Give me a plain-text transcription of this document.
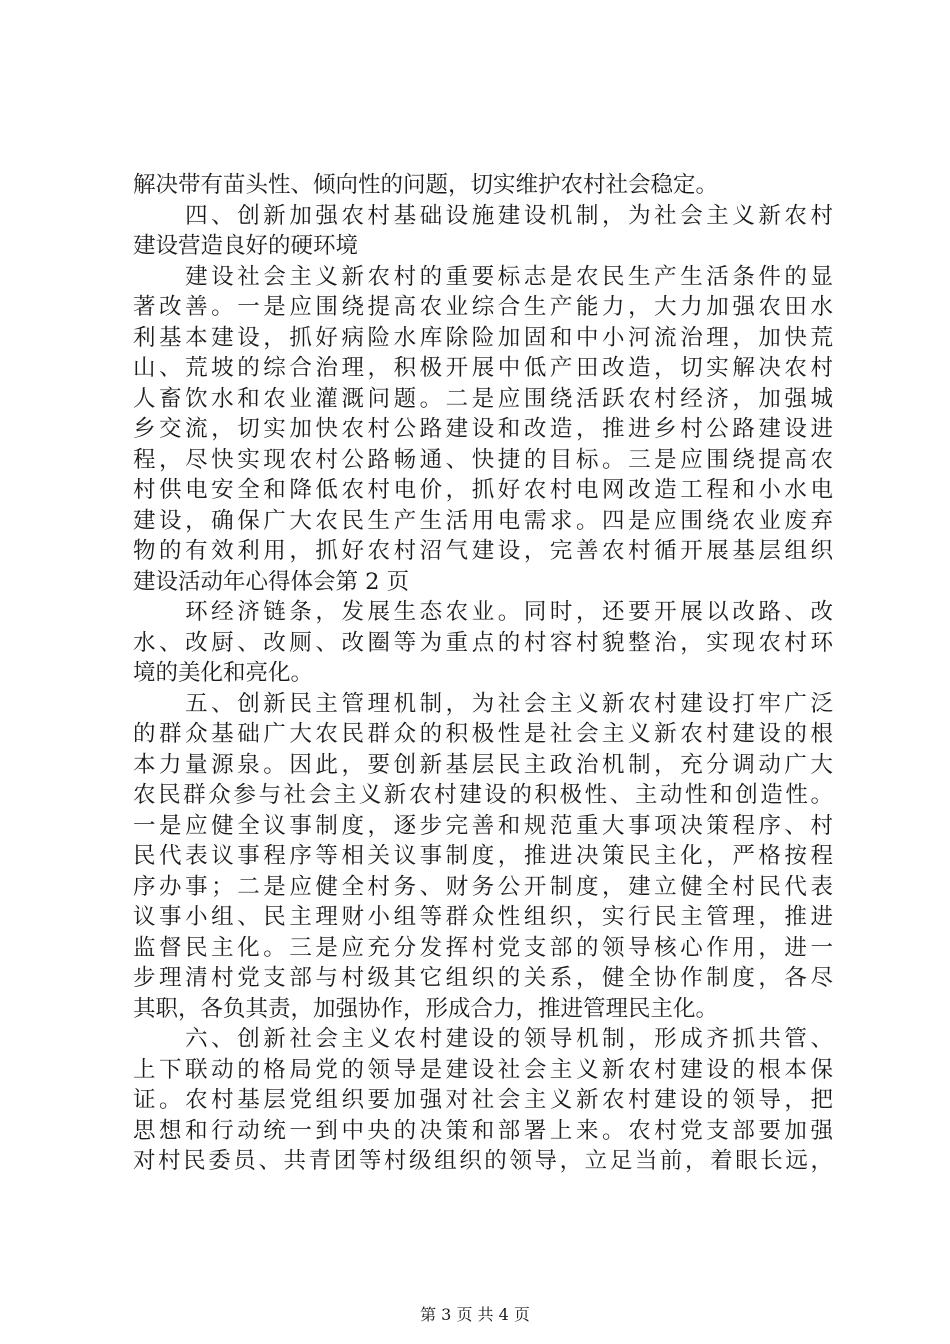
解决带有苗头性、倾向性的问题，切实维护农村社会稳定。
　　四、创新加强农村基础设施建设机制，为社会主义新农村
建设营造良好的硬环境
　　建设社会主义新农村的重要标志是农民生产生活条件的显
著改善。一是应围绕提高农业综合生产能力，大力加强农田水
利基本建设，抓好病险水库除险加固和中小河流治理，加快荒
山、荒坡的综合治理，积极开展中低产田改造，切实解决农村
人畜饮水和农业灌溉问题。二是应围绕活跃农村经济，加强城
乡交流，切实加快农村公路建设和改造，推进乡村公路建设进
程，尽快实现农村公路畅通、快捷的目标。三是应围绕提高农
村供电安全和降低农村电价，抓好农村电网改造工程和小水电
建设，确保广大农民生产生活用电需求。四是应围绕农业废弃
物的有效利用，抓好农村沼气建设，完善农村循开展基层组织
建设活动年心得体会第 2 页
　　环经济链条，发展生态农业。同时，还要开展以改路、改
水、改厨、改厕、改圈等为重点的村容村貌整治，实现农村环
境的美化和亮化。
　　五、创新民主管理机制，为社会主义新农村建设打牢广泛
的群众基础广大农民群众的积极性是社会主义新农村建设的根
本力量源泉。因此，要创新基层民主政治机制，充分调动广大
农民群众参与社会主义新农村建设的积极性、主动性和创造性。
一是应健全议事制度，逐步完善和规范重大事项决策程序、村
民代表议事程序等相关议事制度，推进决策民主化，严格按程
序办事；二是应健全村务、财务公开制度，建立健全村民代表
议事小组、民主理财小组等群众性组织，实行民主管理，推进
监督民主化。三是应充分发挥村党支部的领导核心作用，进一
步理清村党支部与村级其它组织的关系，健全协作制度，各尽
其职，各负其责，加强协作，形成合力，推进管理民主化。
　　六、创新社会主义农村建设的领导机制，形成齐抓共管、
上下联动的格局党的领导是建设社会主义新农村建设的根本保
证。农村基层党组织要加强对社会主义新农村建设的领导，把
思想和行动统一到中央的决策和部署上来。农村党支部要加强
对村民委员、共青团等村级组织的领导，立足当前，着眼长远，
第 3 页 共 4 页
